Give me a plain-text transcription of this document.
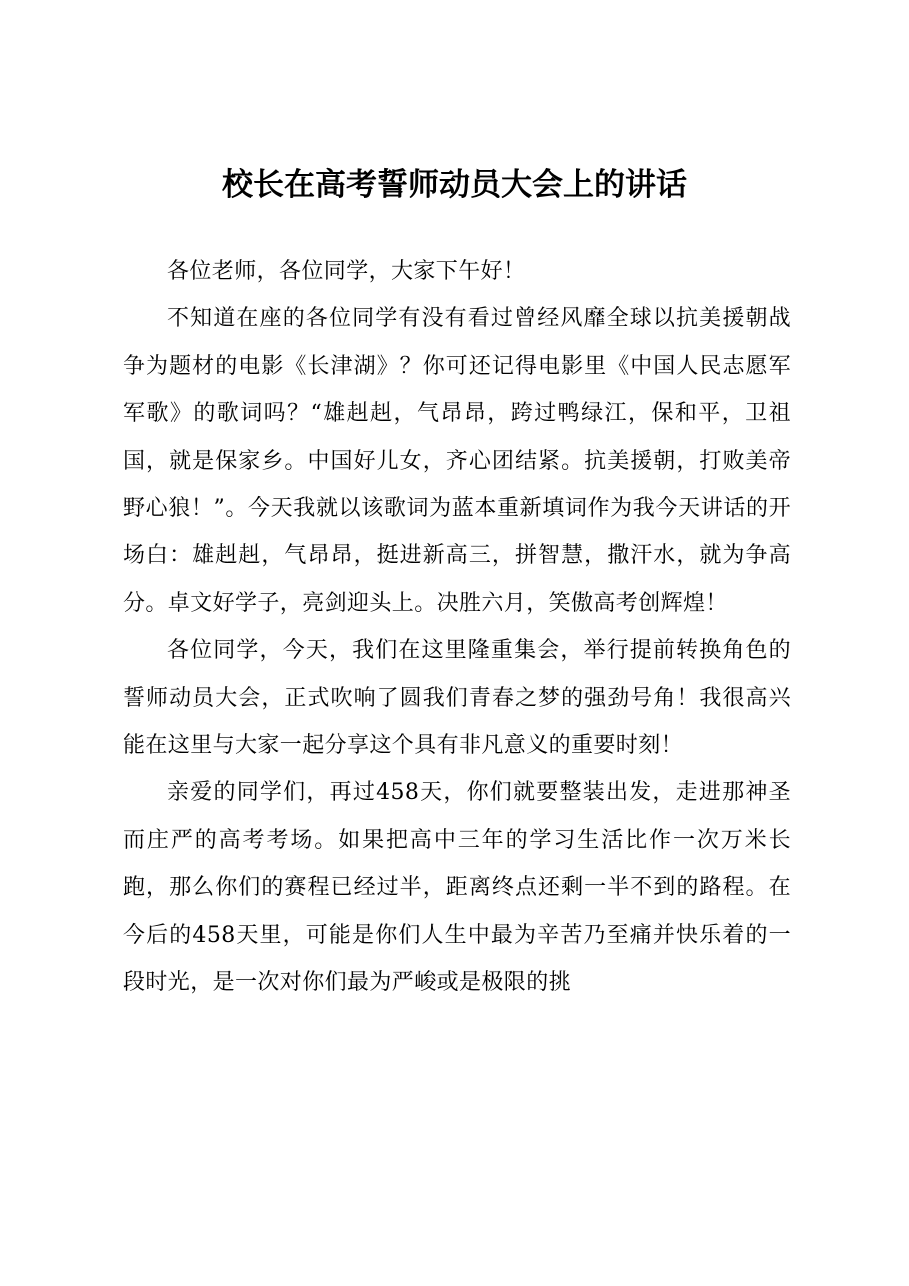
校长在高考誓师动员大会上的讲话

各位老师，各位同学，大家下午好！

不知道在座的各位同学有没有看过曾经风靡全球以抗美援朝战争为题材的电影《长津湖》？你可还记得电影里《中国人民志愿军军歌》的歌词吗？“雄赳赳，气昂昂，跨过鸭绿江，保和平，卫祖国，就是保家乡。中国好儿女，齐心团结紧。抗美援朝，打败美帝野心狼！”。今天我就以该歌词为蓝本重新填词作为我今天讲话的开场白：雄赳赳，气昂昂，挺进新高三，拼智慧，撒汗水，就为争高分。卓文好学子，亮剑迎头上。决胜六月，笑傲高考创辉煌！

各位同学，今天，我们在这里隆重集会，举行提前转换角色的誓师动员大会，正式吹响了圆我们青春之梦的强劲号角！我很高兴能在这里与大家一起分享这个具有非凡意义的重要时刻！

亲爱的同学们，再过458天，你们就要整装出发，走进那神圣而庄严的高考考场。如果把高中三年的学习生活比作一次万米长跑，那么你们的赛程已经过半，距离终点还剩一半不到的路程。在今后的458天里，可能是你们人生中最为辛苦乃至痛并快乐着的一段时光，是一次对你们最为严峻或是极限的挑
